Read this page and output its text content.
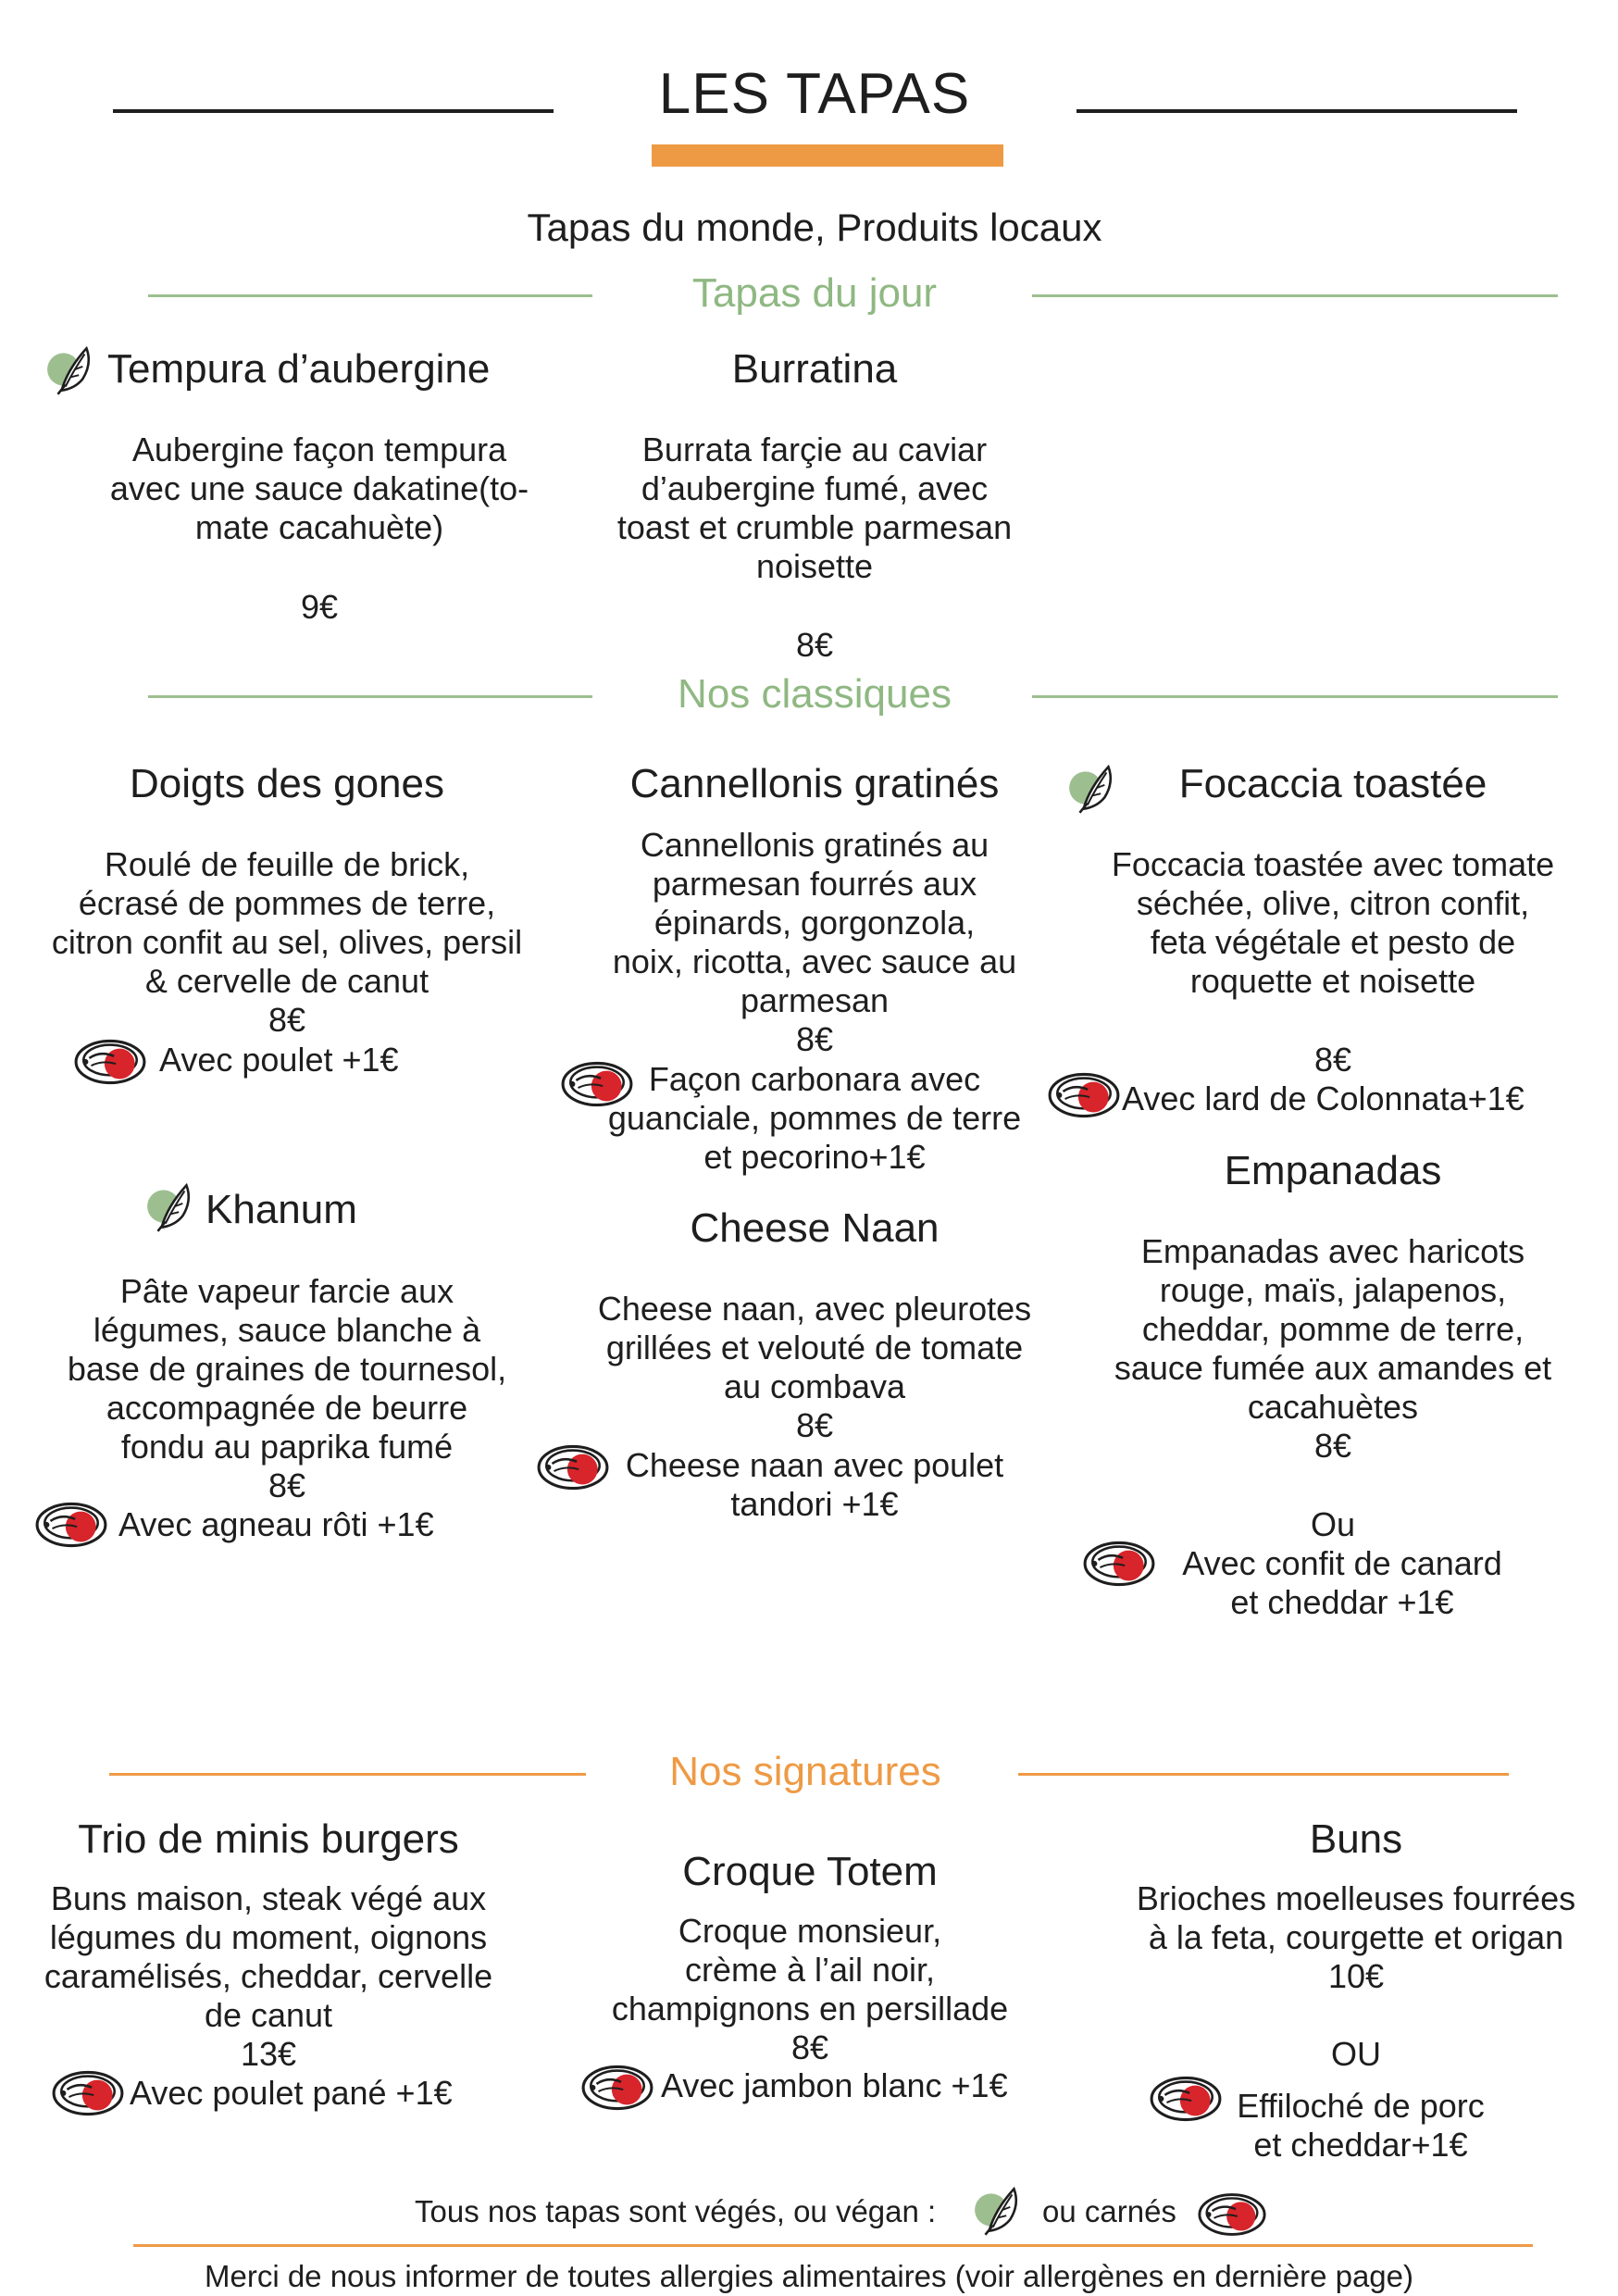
LES TAPAS
Tapas du monde, Produits locaux
Tapas du jour
Tempura d’aubergine
Aubergine façon tempura
avec une sauce dakatine(to-
mate cacahuète)
9€
Burratina
Burrata farçie au caviar
d’aubergine fumé, avec
toast et crumble parmesan
noisette
8€
Nos classiques
Doigts des gones
Roulé de feuille de brick,
écrasé de pommes de terre,
citron confit au sel, olives, persil
& cervelle de canut
8€
Avec poulet +1€
Cannellonis gratinés
Cannellonis gratinés au
parmesan fourrés aux
épinards, gorgonzola,
noix, ricotta, avec sauce au
parmesan
8€
Façon carbonara avec
guanciale, pommes de terre
et pecorino+1€
Focaccia toastée
Foccacia toastée avec tomate
séchée, olive, citron confit,
feta végétale et pesto de
roquette et noisette
8€
Avec lard de Colonnata+1€
Khanum
Pâte vapeur farcie aux
légumes, sauce blanche à
base de graines de tournesol,
accompagnée de beurre
fondu au paprika fumé
8€
Avec agneau rôti +1€
Cheese Naan
Cheese naan, avec pleurotes
grillées et velouté de tomate
au combava
8€
Cheese naan avec poulet
tandori +1€
Empanadas
Empanadas avec haricots
rouge, maïs, jalapenos,
cheddar, pomme de terre,
sauce fumée aux amandes et
cacahuètes
8€
Ou
Avec confit de canard
et cheddar +1€
Nos signatures
Trio de minis burgers
Buns maison, steak végé aux
légumes du moment, oignons
caramélisés, cheddar, cervelle
de canut
13€
Avec poulet pané +1€
Croque Totem
Croque monsieur,
crème à l’ail noir,
champignons en persillade
8€
Avec jambon blanc +1€
Buns
Brioches moelleuses fourrées
à la feta, courgette et origan
10€
OU
Effiloché de porc
et cheddar+1€
Tous nos tapas sont végés, ou végan :	ou carnés
Merci de nous informer de toutes allergies alimentaires (voir allergènes en dernière page)
